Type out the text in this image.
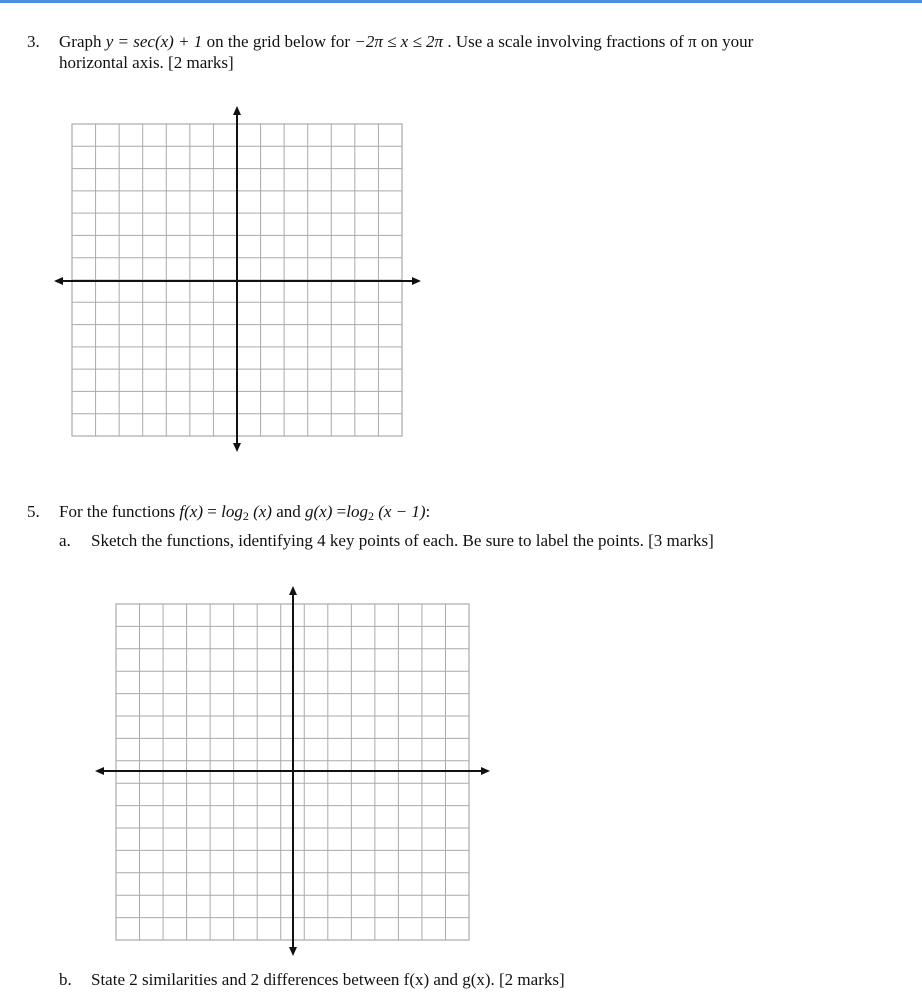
3. Graph y = sec(x) + 1 on the grid below for −2π ≤ x ≤ 2π . Use a scale involving fractions of π on your
horizontal axis. [2 marks]
5. For the functions $f(x) = \log_2 (x)$ and $g(x) =\log_2$ (x − 1):
a. Sketch the functions, identifying 4 key points of each. Be sure to label the points. [3 marks]
b. State 2 similarities and 2 differences between f(x) and g(x). [2 marks]
